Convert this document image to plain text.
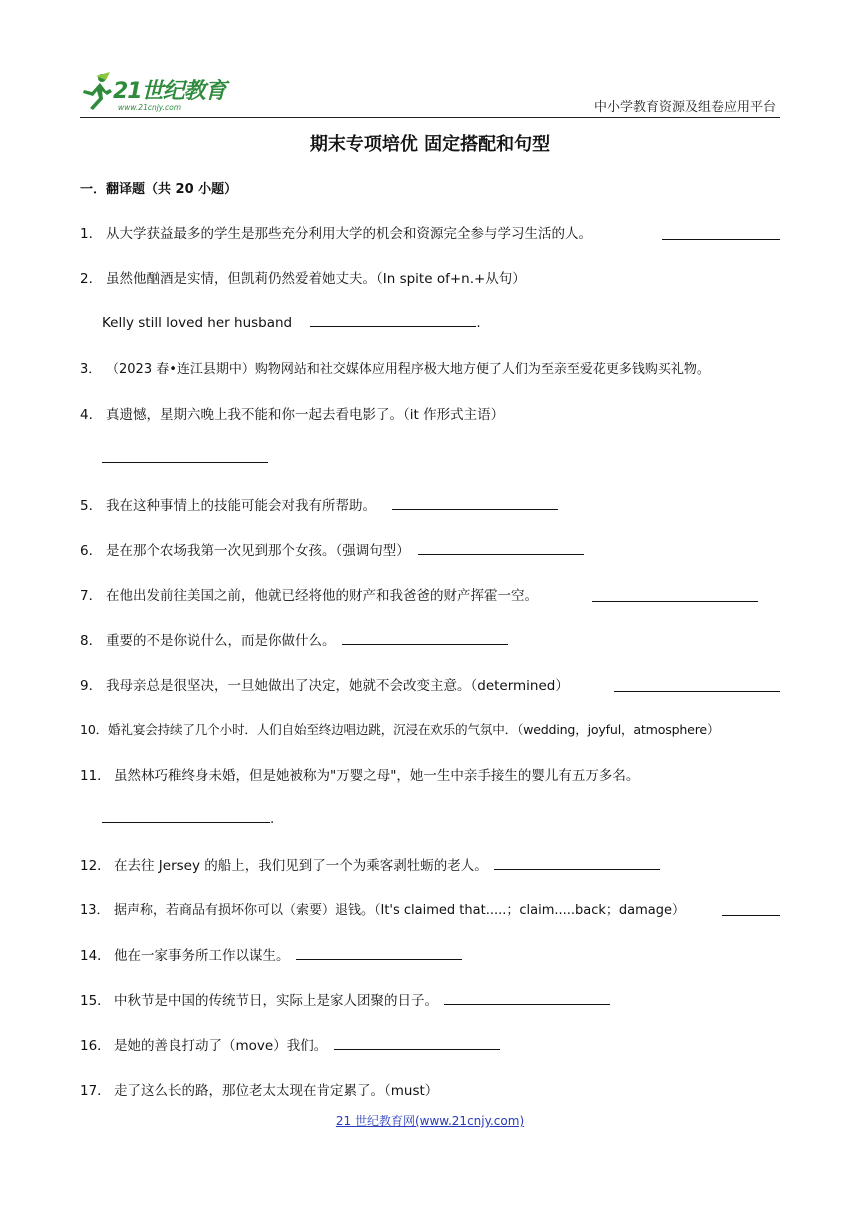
21世纪教育
www.21cnjy.com	中小学教育资源及组卷应用平台
期末专项培优 固定搭配和句型
一．翻译题（共 20 小题）
1． 从大学获益最多的学生是那些充分利用大学的机会和资源完全参与学习生活的人。
2． 虽然他酗酒是实情，但凯莉仍然爱着她丈夫。（In spite of+n.+从句）
Kelly still loved her husband	.
3． （2023 春•连江县期中）购物网站和社交媒体应用程序极大地方便了人们为至亲至爱花更多钱购买礼物。
4． 真遗憾，星期六晚上我不能和你一起去看电影了。（it 作形式主语）
5． 我在这种事情上的技能可能会对我有所帮助。
6． 是在那个农场我第一次见到那个女孩。（强调句型）
7． 在他出发前往美国之前，他就已经将他的财产和我爸爸的财产挥霍一空。
8． 重要的不是你说什么，而是你做什么。
9． 我母亲总是很坚决，一旦她做出了决定，她就不会改变主意。（determined）
10．婚礼宴会持续了几个小时．人们自始至终边唱边跳，沉浸在欢乐的气氛中．（wedding，joyful，atmosphere）
11． 虽然林巧稚终身未婚，但是她被称为"万婴之母"，她一生中亲手接生的婴儿有五万多名。
.
12． 在去往 Jersey 的船上，我们见到了一个为乘客剥牡蛎的老人。
13． 据声称，若商品有损坏你可以（索要）退钱。（It's claimed that.....；claim.....back；damage）
14． 他在一家事务所工作以谋生。
15． 中秋节是中国的传统节日，实际上是家人团聚的日子。
16． 是她的善良打动了（move）我们。
17． 走了这么长的路，那位老太太现在肯定累了。（must）
21 世纪教育网(www.21cnjy.com)
